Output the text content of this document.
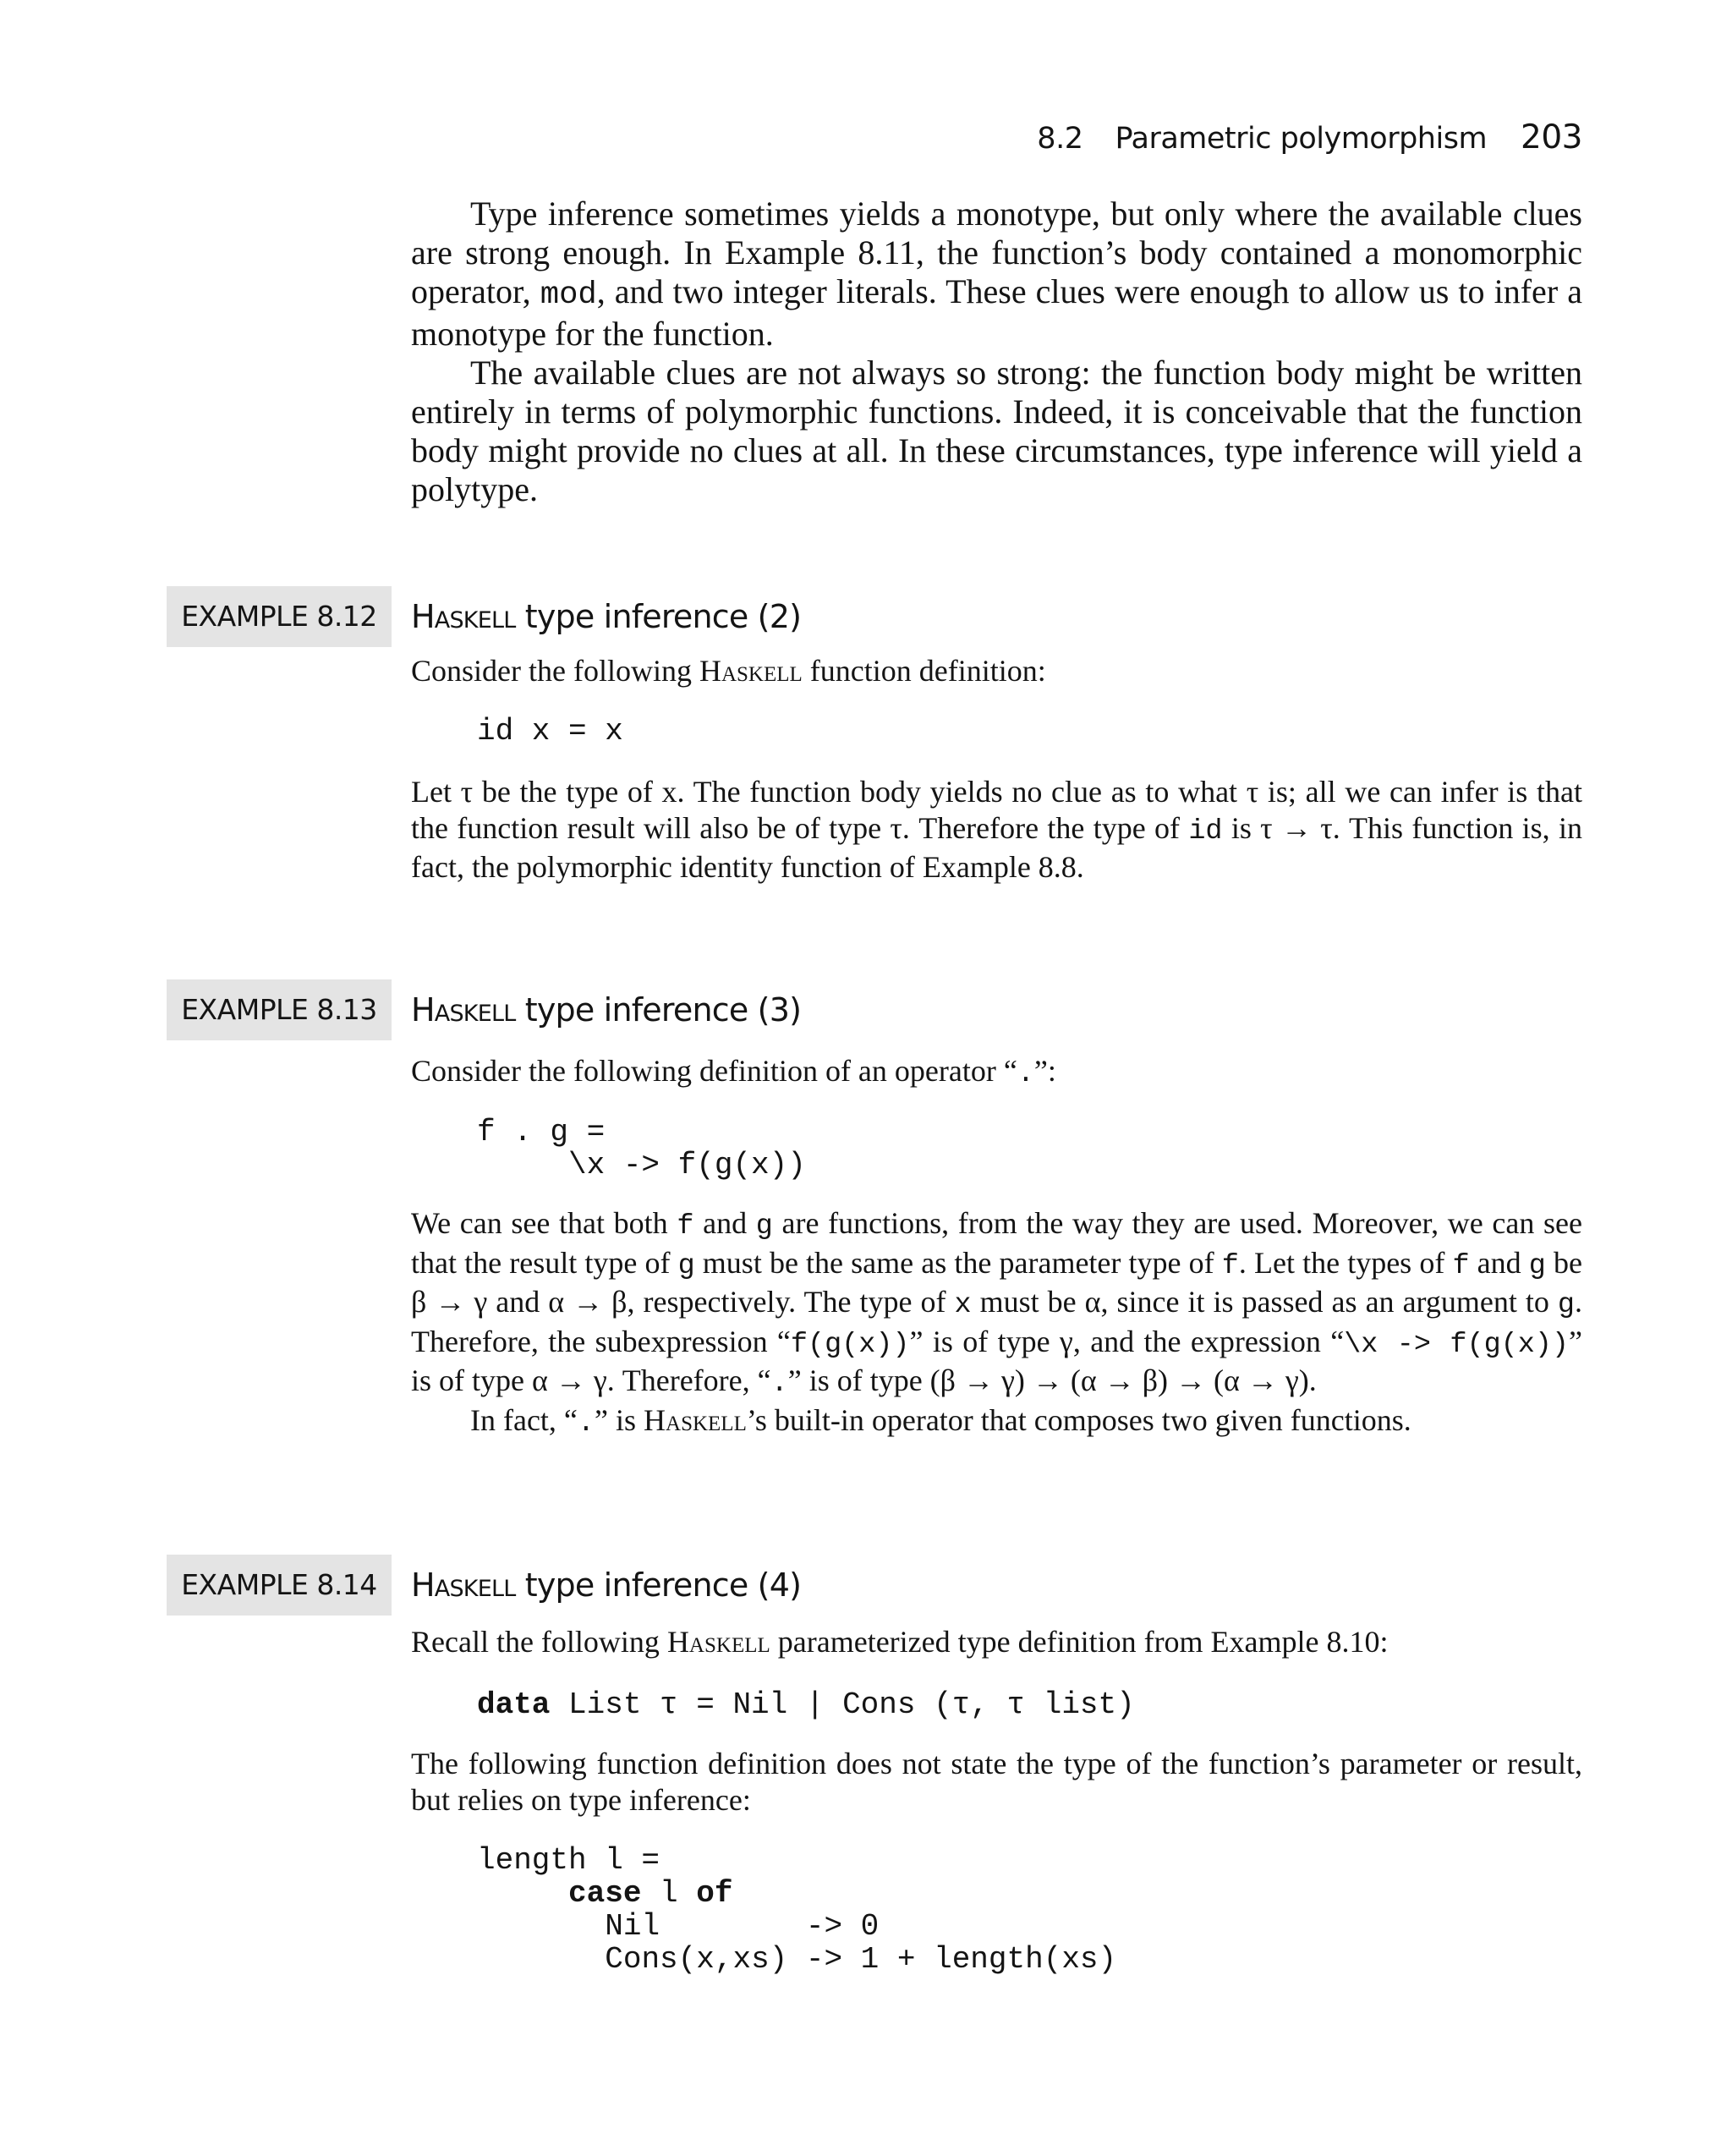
8.2 Parametric polymorphism 203

Type inference sometimes yields a monotype, but only where the available clues are strong enough. In Example 8.11, the function’s body contained a monomorphic operator, mod, and two integer literals. These clues were enough to allow us to infer a monotype for the function.

The available clues are not always so strong: the function body might be written entirely in terms of polymorphic functions. Indeed, it is conceivable that the function body might provide no clues at all. In these circumstances, type inference will yield a polytype.

EXAMPLE 8.12	Haskell type inference (2)

Consider the following Haskell function definition:

id x = x

Let τ be the type of x. The function body yields no clue as to what τ is; all we can infer is that the function result will also be of type τ. Therefore the type of id is τ → τ. This function is, in fact, the polymorphic identity function of Example 8.8.

EXAMPLE 8.13	Haskell type inference (3)

Consider the following definition of an operator “.”:

f . g =
\x -> f(g(x))

We can see that both f and g are functions, from the way they are used. Moreover, we can see that the result type of g must be the same as the parameter type of f. Let the types of f and g be β → γ and α → β, respectively. The type of x must be α, since it is passed as an argument to g. Therefore, the subexpression “f(g(x))” is of type γ, and the expression “\x -> f(g(x))” is of type α → γ. Therefore, “.” is of type (β → γ) → (α → β) → (α → γ).

In fact, “.” is Haskell’s built-in operator that composes two given functions.

EXAMPLE 8.14	Haskell type inference (4)

Recall the following Haskell parameterized type definition from Example 8.10:

data List τ = Nil | Cons (τ, τ list)

The following function definition does not state the type of the function’s parameter or result, but relies on type inference:

length l =
case l of
Nil        -> 0
Cons(x,xs) -> 1 + length(xs)
